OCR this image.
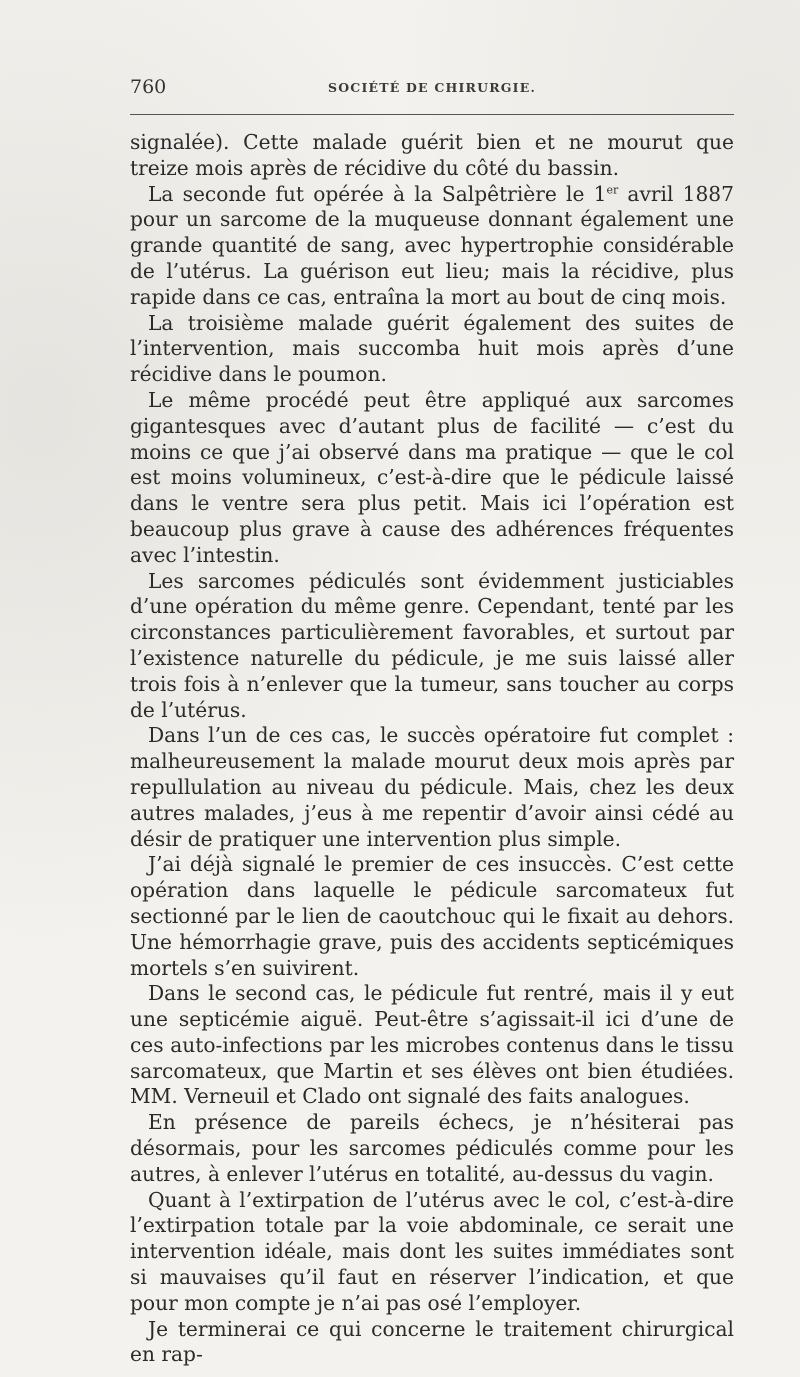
760	SOCIÉTÉ DE CHIRURGIE.

signalée). Cette malade guérit bien et ne mourut que treize mois après de récidive du côté du bassin.

La seconde fut opérée à la Salpêtrière le 1er avril 1887 pour un sarcome de la muqueuse donnant également une grande quantité de sang, avec hypertrophie considérable de l’utérus. La guérison eut lieu; mais la récidive, plus rapide dans ce cas, entraîna la mort au bout de cinq mois.

La troisième malade guérit également des suites de l’intervention, mais succomba huit mois après d’une récidive dans le poumon.

Le même procédé peut être appliqué aux sarcomes gigantesques avec d’autant plus de facilité — c’est du moins ce que j’ai observé dans ma pratique — que le col est moins volumineux, c’est-à-dire que le pédicule laissé dans le ventre sera plus petit. Mais ici l’opération est beaucoup plus grave à cause des adhérences fréquentes avec l’intestin.

Les sarcomes pédiculés sont évidemment justiciables d’une opération du même genre. Cependant, tenté par les circonstances particulièrement favorables, et surtout par l’existence naturelle du pédicule, je me suis laissé aller trois fois à n’enlever que la tumeur, sans toucher au corps de l’utérus.

Dans l’un de ces cas, le succès opératoire fut complet : malheureusement la malade mourut deux mois après par repullulation au niveau du pédicule. Mais, chez les deux autres malades, j’eus à me repentir d’avoir ainsi cédé au désir de pratiquer une intervention plus simple.

J’ai déjà signalé le premier de ces insuccès. C’est cette opération dans laquelle le pédicule sarcomateux fut sectionné par le lien de caoutchouc qui le fixait au dehors. Une hémorrhagie grave, puis des accidents septicémiques mortels s’en suivirent.

Dans le second cas, le pédicule fut rentré, mais il y eut une septicémie aiguë. Peut-être s’agissait-il ici d’une de ces auto-infections par les microbes contenus dans le tissu sarcomateux, que Martin et ses élèves ont bien étudiées. MM. Verneuil et Clado ont signalé des faits analogues.

En présence de pareils échecs, je n’hésiterai pas désormais, pour les sarcomes pédiculés comme pour les autres, à enlever l’utérus en totalité, au-dessus du vagin.

Quant à l’extirpation de l’utérus avec le col, c’est-à-dire l’extirpation totale par la voie abdominale, ce serait une intervention idéale, mais dont les suites immédiates sont si mauvaises qu’il faut en réserver l’indication, et que pour mon compte je n’ai pas osé l’employer.

Je terminerai ce qui concerne le traitement chirurgical en rap-
